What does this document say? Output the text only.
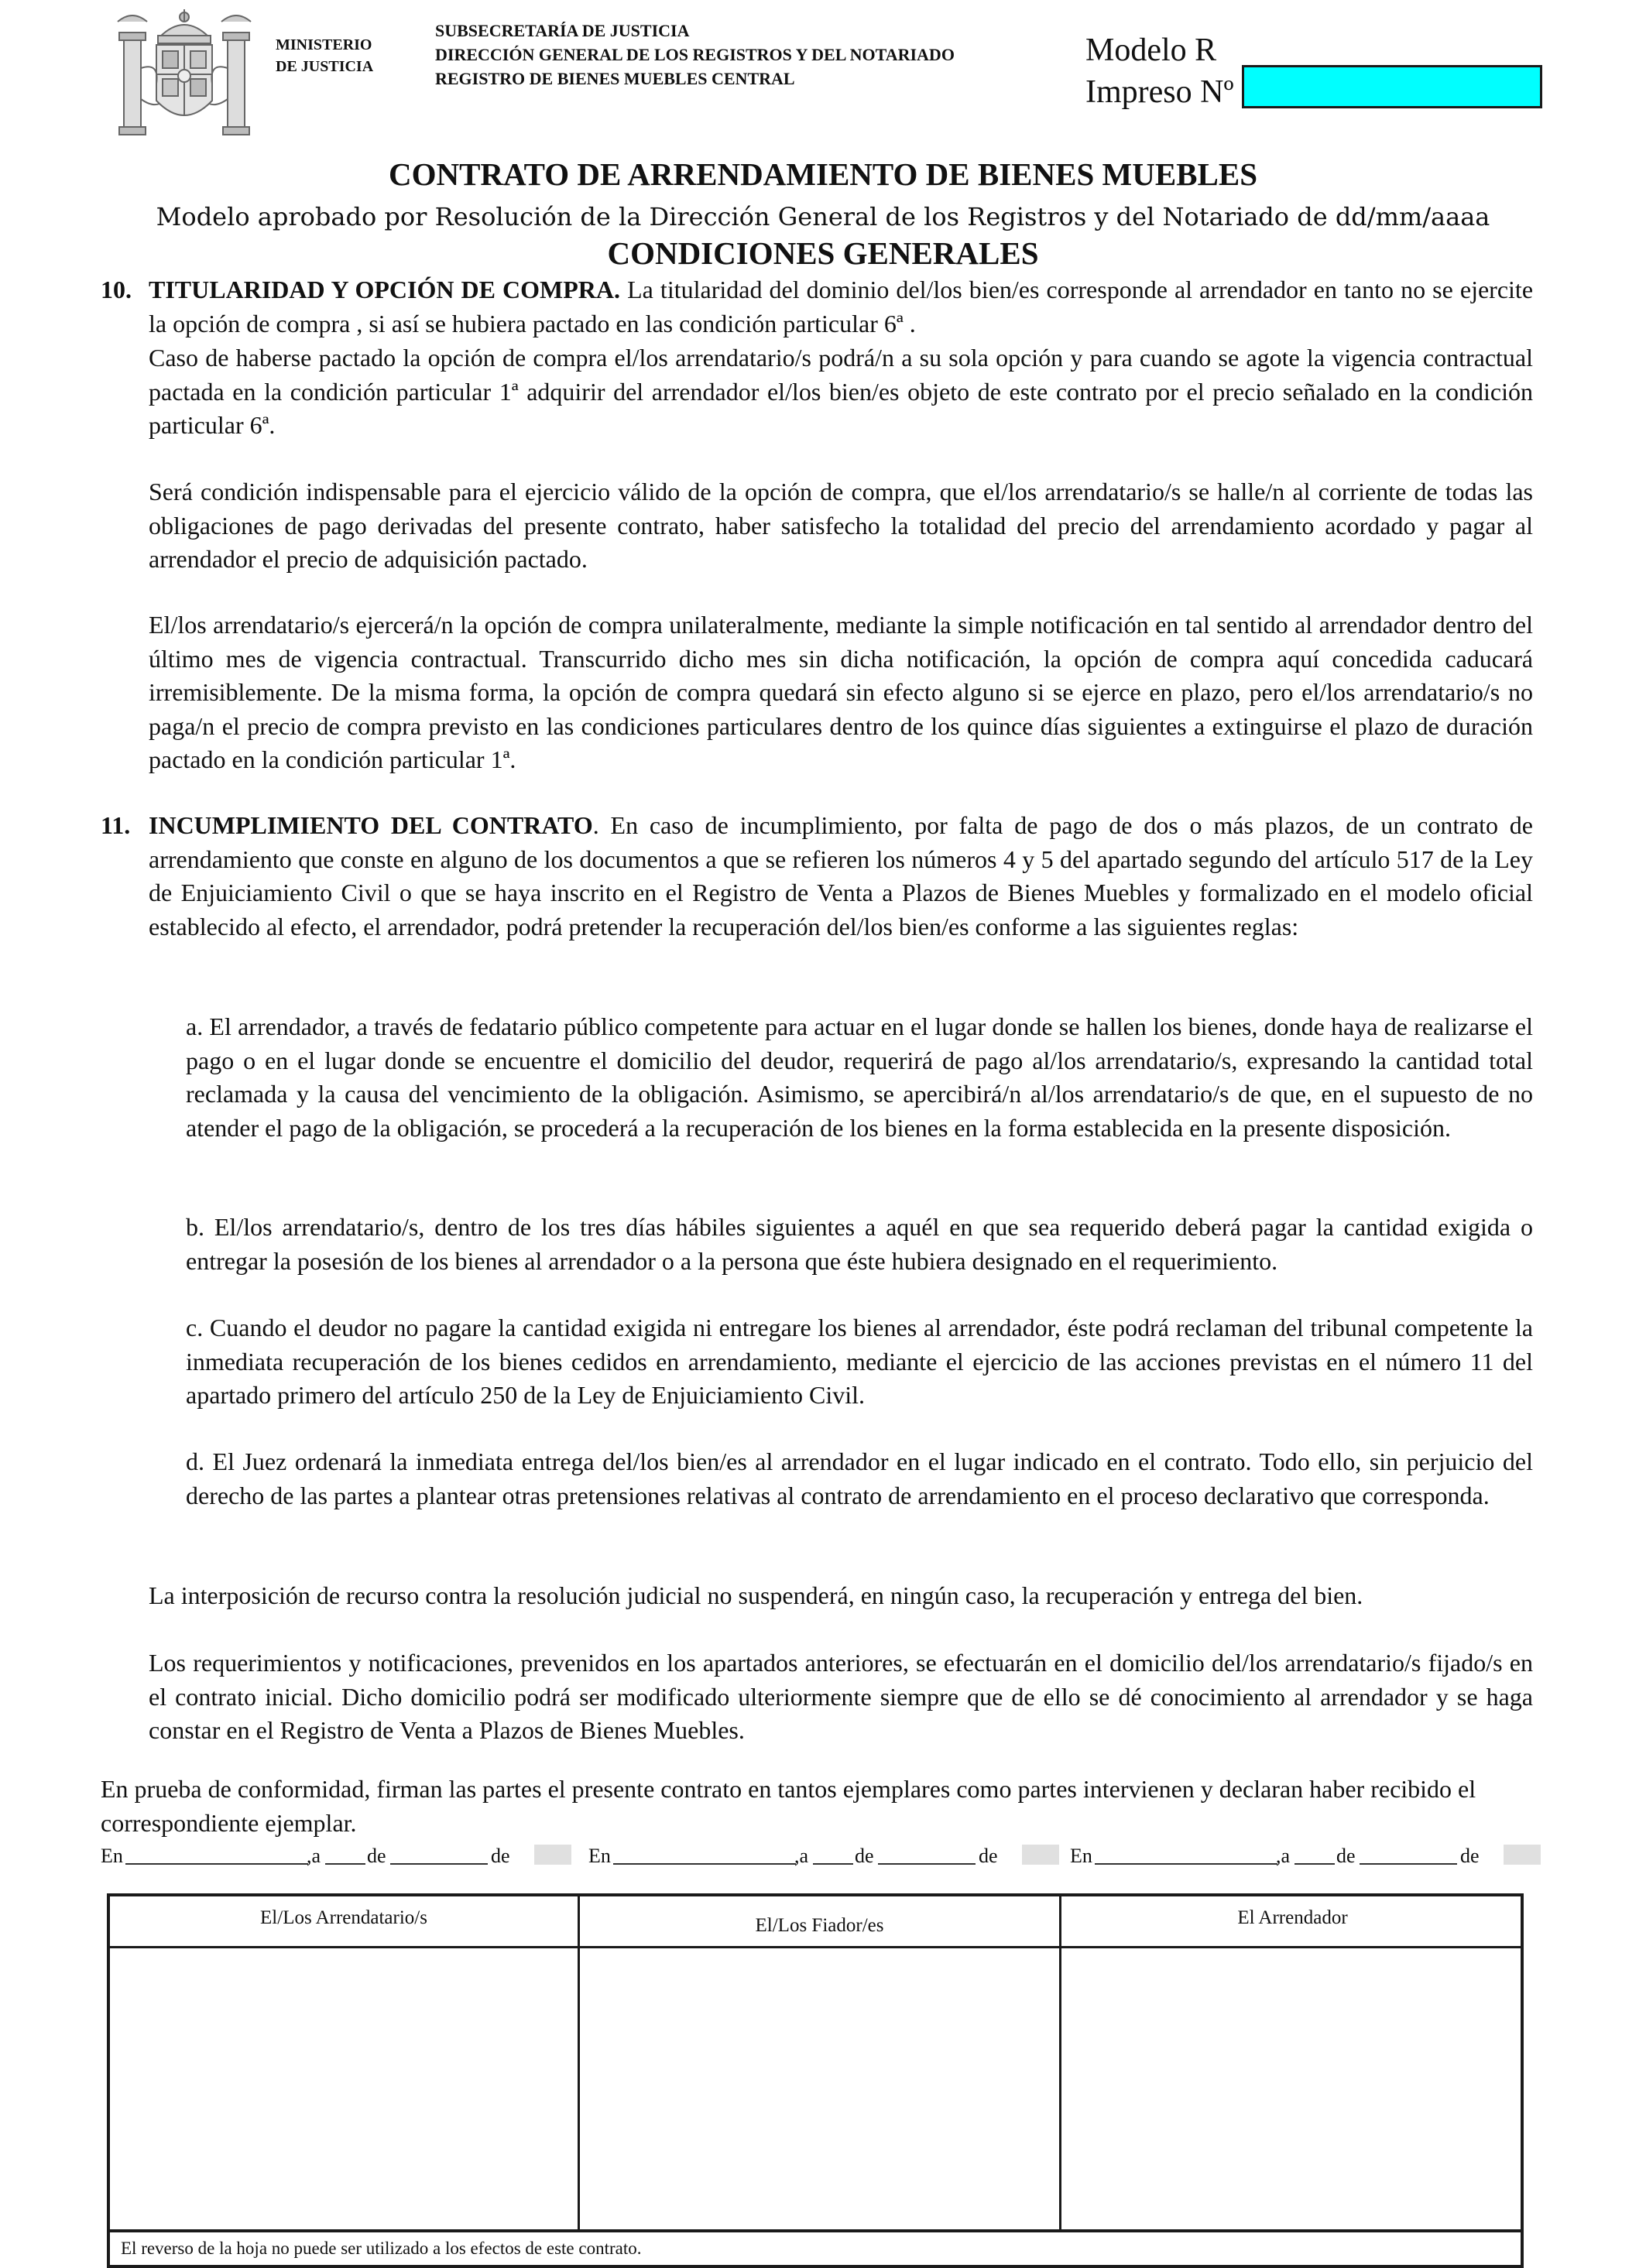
MINISTERIO
DE JUSTICIA
SUBSECRETARÍA DE JUSTICIA
DIRECCIÓN GENERAL DE LOS REGISTROS Y DEL NOTARIADO
REGISTRO DE BIENES MUEBLES CENTRAL
Modelo R
Impreso Nº
CONTRATO DE ARRENDAMIENTO DE BIENES MUEBLES
Modelo aprobado por Resolución de la Dirección General de los Registros y del Notariado de dd/mm/aaaa
CONDICIONES GENERALES
10. TITULARIDAD Y OPCIÓN DE COMPRA. La titularidad del dominio del/los bien/es corresponde al arrendador en tanto no se ejercite la opción de compra , si así se hubiera pactado en las condición particular 6ª .
Caso de haberse pactado la opción de compra el/los arrendatario/s podrá/n a su sola opción y para cuando se agote la vigencia contractual pactada en la condición particular 1ª adquirir del arrendador el/los bien/es objeto de este contrato por el precio señalado en la condición particular 6ª.
Será condición indispensable para el ejercicio válido de la opción de compra, que el/los arrendatario/s se halle/n al corriente de todas las obligaciones de pago derivadas del presente contrato, haber satisfecho la totalidad del precio del arrendamiento acordado y pagar al arrendador el precio de adquisición pactado.
El/los arrendatario/s ejercerá/n la opción de compra unilateralmente, mediante la simple notificación en tal sentido al arrendador dentro del último mes de vigencia contractual. Transcurrido dicho mes sin dicha notificación, la opción de compra aquí concedida caducará irremisiblemente. De la misma forma, la opción de compra quedará sin efecto alguno si se ejerce en plazo, pero el/los arrendatario/s no paga/n el precio de compra previsto en las condiciones particulares dentro de los quince días siguientes a extinguirse el plazo de duración pactado en la condición particular 1ª.
11. INCUMPLIMIENTO DEL CONTRATO. En caso de incumplimiento, por falta de pago de dos o más plazos, de un contrato de arrendamiento que conste en alguno de los documentos a que se refieren los números 4 y 5 del apartado segundo del artículo 517 de la Ley de Enjuiciamiento Civil o que se haya inscrito en el Registro de Venta a Plazos de Bienes Muebles y formalizado en el modelo oficial establecido al efecto, el arrendador, podrá pretender la recuperación del/los bien/es conforme a las siguientes reglas:
a. El arrendador, a través de fedatario público competente para actuar en el lugar donde se hallen los bienes, donde haya de realizarse el pago o en el lugar donde se encuentre el domicilio del deudor, requerirá de pago al/los arrendatario/s, expresando la cantidad total reclamada y la causa del vencimiento de la obligación. Asimismo, se apercibirá/n al/los arrendatario/s de que, en el supuesto de no atender el pago de la obligación, se procederá a la recuperación de los bienes en la forma establecida en la presente disposición.
b. El/los arrendatario/s, dentro de los tres días hábiles siguientes a aquél en que sea requerido deberá pagar la cantidad exigida o entregar la posesión de los bienes al arrendador o a la persona que éste hubiera designado en el requerimiento.
c. Cuando el deudor no pagare la cantidad exigida ni entregare los bienes al arrendador, éste podrá reclaman del tribunal competente la inmediata recuperación de los bienes cedidos en arrendamiento, mediante el ejercicio de las acciones previstas en el número 11 del apartado primero del artículo 250 de la Ley de Enjuiciamiento Civil.
d. El Juez ordenará la inmediata entrega del/los bien/es al arrendador en el lugar indicado en el contrato. Todo ello, sin perjuicio del derecho de las partes a plantear otras pretensiones relativas al contrato de arrendamiento en el proceso declarativo que corresponda.
La interposición de recurso contra la resolución judicial no suspenderá, en ningún caso, la recuperación y entrega del bien.
Los requerimientos y notificaciones, prevenidos en los apartados anteriores, se efectuarán en el domicilio del/los arrendatario/s fijado/s en el contrato inicial. Dicho domicilio podrá ser modificado ulteriormente siempre que de ello se dé conocimiento al arrendador y se haga constar en el Registro de Venta a Plazos de Bienes Muebles.
En prueba de conformidad, firman las partes el presente contrato en tantos ejemplares como partes intervienen y declaran haber recibido el correspondiente ejemplar.
En	,a de	de	En	,a de	de	En	,a de	de
El/Los Arrendatario/s	El/Los Fiador/es	El Arrendador
El reverso de la hoja no puede ser utilizado a los efectos de este contrato.
